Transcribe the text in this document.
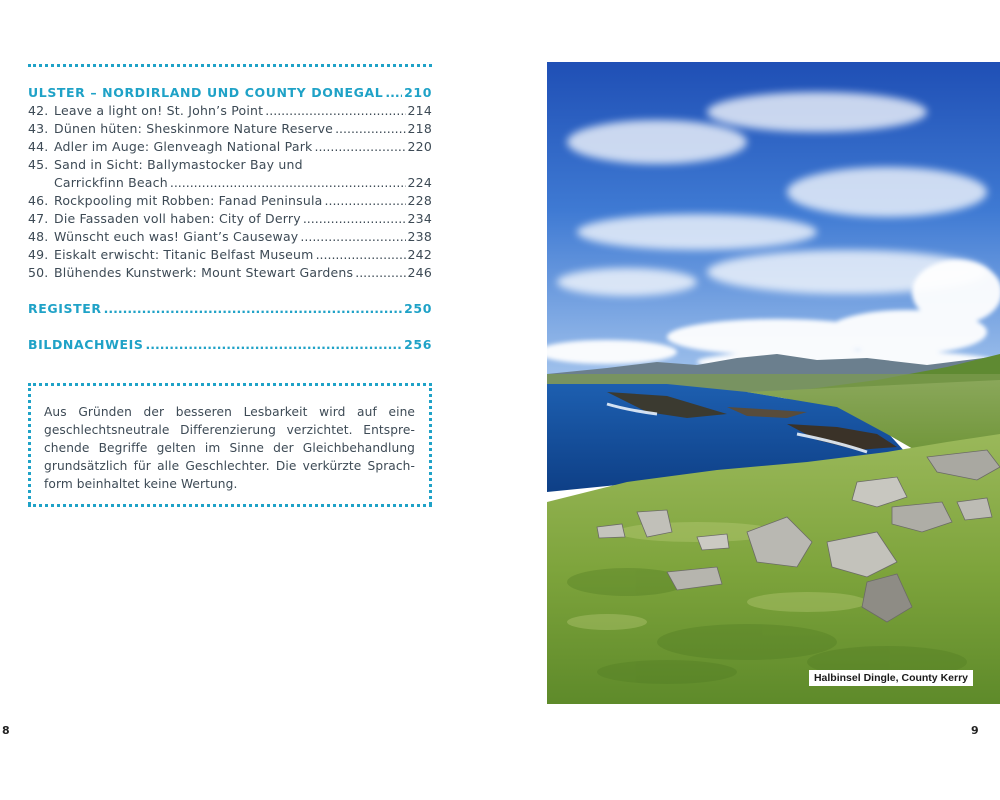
ULSTER – NORDIRLAND UND COUNTY DONEGAL ..... 210
42. Leave a light on! St. John’s Point .....	214
43. Dünen hüten: Sheskinmore Nature Reserve .....	218
44. Adler im Auge: Glenveagh National Park .....	220
45. Sand in Sicht: Ballymastocker Bay und
Carrickfinn Beach .....	224
46. Rockpooling mit Robben: Fanad Peninsula .....	228
47. Die Fassaden voll haben: City of Derry .....	234
48. Wünscht euch was! Giant’s Causeway .....	238
49. Eiskalt erwischt: Titanic Belfast Museum .....	242
50. Blühendes Kunstwerk: Mount Stewart Gardens .....	246
REGISTER .....	250
BILDNACHWEIS .....	256
Aus Gründen der besseren Lesbarkeit wird auf eine
geschlechtsneutrale Differenzierung verzichtet. Entspre-
chende Begriffe gelten im Sinne der Gleichbehandlung
grundsätzlich für alle Geschlechter. Die verkürzte Sprach-
form beinhaltet keine Wertung.
Halbinsel Dingle, County Kerry
8	9
